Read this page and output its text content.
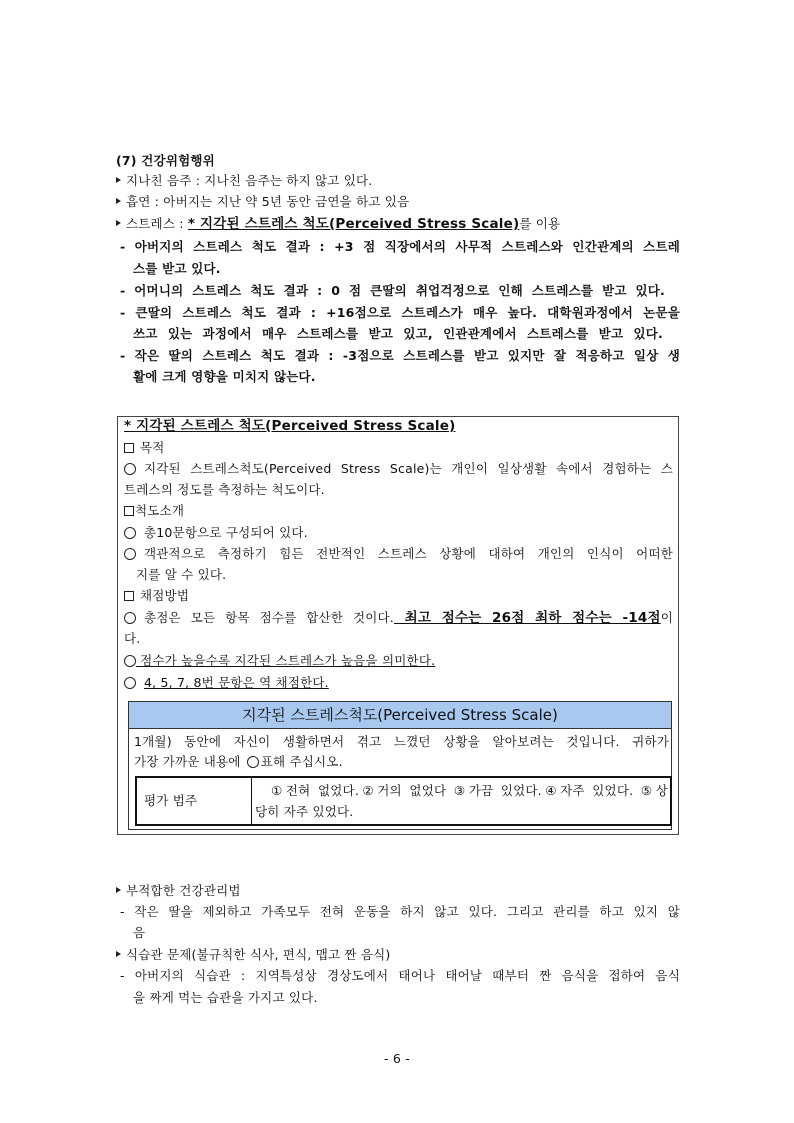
(7) 건강위험행위
지나친 음주 : 지나친 음주는 하지 않고 있다.
흡연 : 아버지는 지난 약 5년 동안 금연을 하고 있음
스트레스 : * 지각된 스트레스 척도(Perceived Stress Scale)를 이용
- 아버지의 스트레스 척도 결과 : +3 점 직장에서의 사무적 스트레스와 인간관계의 스트레
스를 받고 있다.
- 어머니의 스트레스 척도 결과 : 0 점 큰딸의 취업걱정으로 인해 스트레스를 받고 있다.
- 큰딸의 스트레스 척도 결과 : +16점으로 스트레스가 매우 높다. 대학원과정에서 논문을
쓰고 있는 과정에서 매우 스트레스를 받고 있고, 인관관계에서 스트레스를 받고 있다.
- 작은 딸의 스트레스 척도 결과 : -3점으로 스트레스를 받고 있지만 잘 적응하고 일상 생
활에 크게 영향을 미치지 않는다.
* 지각된 스트레스 척도(Perceived Stress Scale)
목적
지각된 스트레스척도(Perceived Stress Scale)는 개인이 일상생활 속에서 경험하는 스
트레스의 정도를 측정하는 척도이다.
척도소개
총10문항으로 구성되어 있다.
객관적으로 측정하기 힘든 전반적인 스트레스 상황에 대하여 개인의 인식이 어떠한
지를 알 수 있다.
채점방법
총점은 모든 항목 점수를 합산한 것이다. 최고 점수는 26점 최하 점수는 -14점이
다.
점수가 높을수록 지각된 스트레스가 높음을 의미한다.
4, 5, 7, 8번 문항은 역 채점한다.
지각된 스트레스척도(Perceived Stress Scale)
1개월) 동안에 자신이 생활하면서 겪고 느꼈던 상황을 알아보려는 것입니다. 귀하가
가장 가까운 내용에 ○ 표해 주십시오.
평가 범주
①전혀 없었다.②거의 없었다 ③가끔 있었다.④자주 있었다. ⑤상
당히 자주 있었다.
부적합한 건강관리법
- 작은 딸을 제외하고 가족모두 전혀 운동을 하지 않고 있다. 그리고 관리를 하고 있지 않
음
식습관 문제(불규칙한 식사, 편식, 맵고 짠 음식)
- 아버지의 식습관 : 지역특성상 경상도에서 태어나 태어날 때부터 짠 음식을 접하여 음식
을 짜게 먹는 습관을 가지고 있다.
- 6 -
